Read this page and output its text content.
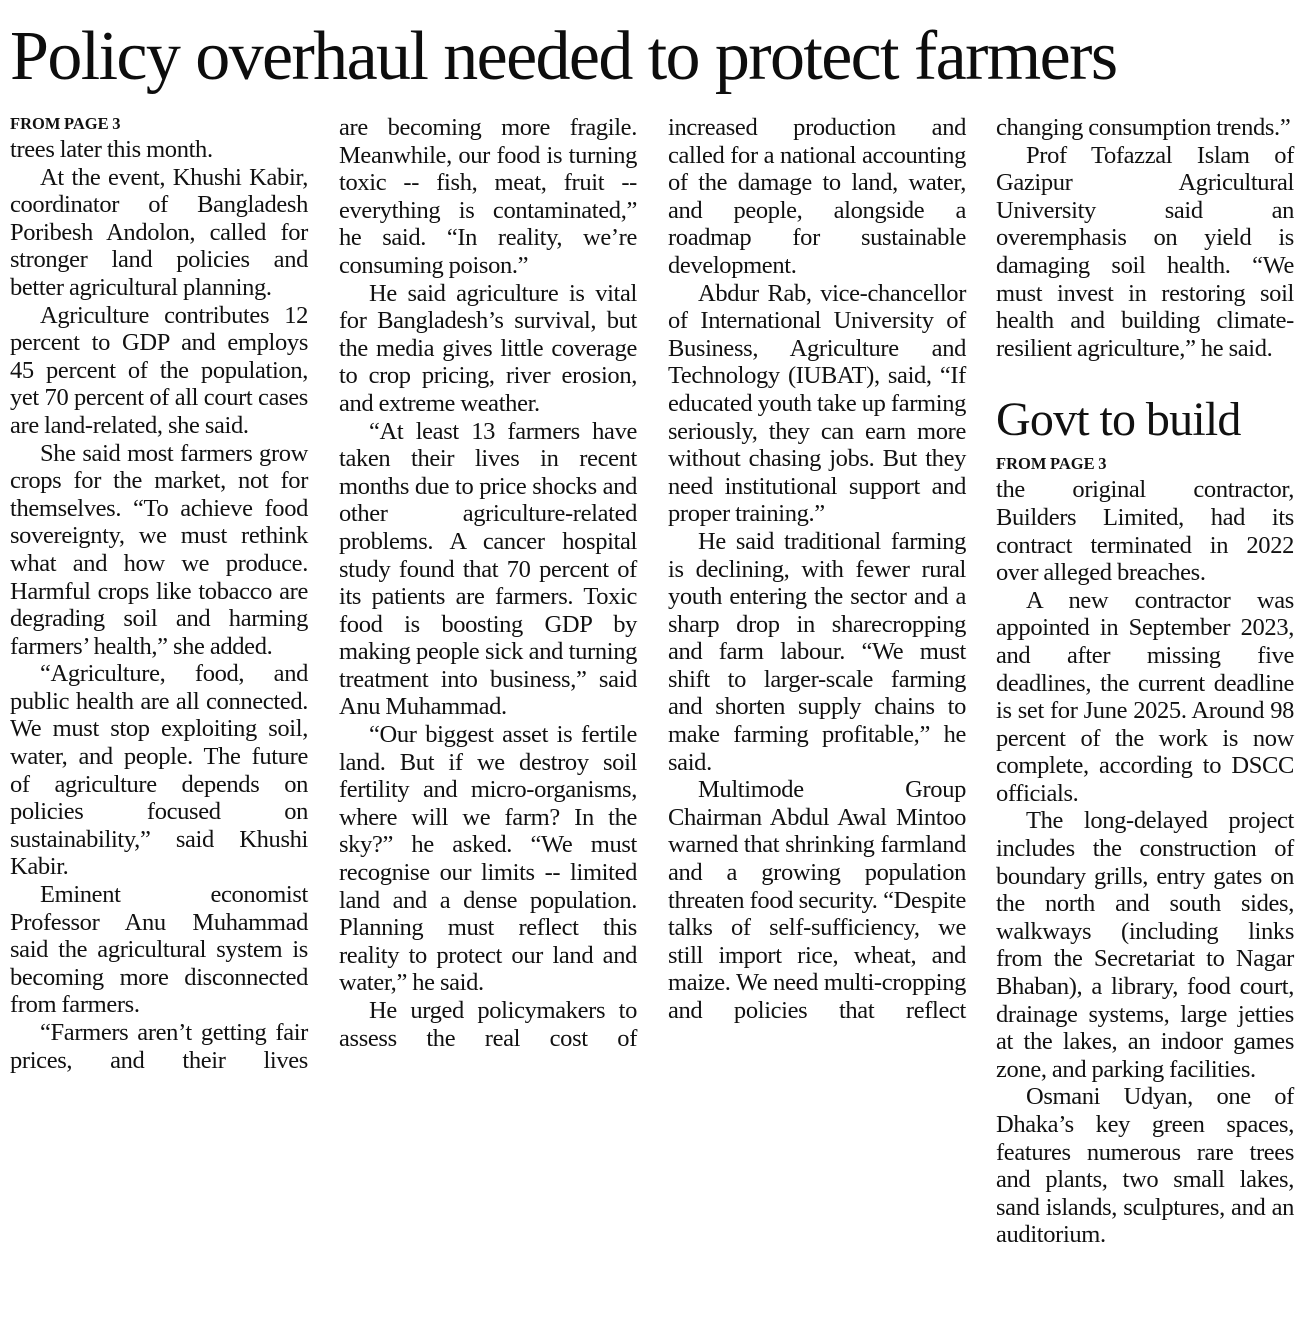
Policy overhaul needed to protect farmers
FROM PAGE 3

trees later this month.

At the event, Khushi Kabir, coordinator of Bangladesh Poribesh Andolon, called for stronger land policies and better agricultural planning.

Agriculture contributes 12 percent to GDP and employs 45 percent of the population, yet 70 percent of all court cases are land-related, she said.

She said most farmers grow crops for the market, not for themselves. “To achieve food sovereignty, we must rethink what and how we produce. Harmful crops like tobacco are degrading soil and harming farmers’ health,” she added.

“Agriculture, food, and public health are all connected. We must stop exploiting soil, water, and people. The future of agriculture depends on policies focused on sustainability,” said Khushi Kabir.

Eminent economist Professor Anu Muhammad said the agricultural system is becoming more disconnected from farmers.

“Farmers aren’t getting fair prices, and their lives

are becoming more fragile. Meanwhile, our food is turning toxic -- fish, meat, fruit -- everything is contaminated,” he said. “In reality, we’re consuming poison.”

He said agriculture is vital for Bangladesh’s survival, but the media gives little coverage to crop pricing, river erosion, and extreme weather.

“At least 13 farmers have taken their lives in recent months due to price shocks and other agriculture-related problems. A cancer hospital study found that 70 percent of its patients are farmers. Toxic food is boosting GDP by making people sick and turning treatment into business,” said Anu Muhammad.

“Our biggest asset is fertile land. But if we destroy soil fertility and micro-organisms, where will we farm? In the sky?” he asked. “We must recognise our limits -- limited land and a dense population. Planning must reflect this reality to protect our land and water,” he said.

He urged policymakers to assess the real cost of

increased production and called for a national accounting of the damage to land, water, and people, alongside a roadmap for sustainable development.

Abdur Rab, vice-chancellor of International University of Business, Agriculture and Technology (IUBAT), said, “If educated youth take up farming seriously, they can earn more without chasing jobs. But they need institutional support and proper training.”

He said traditional farming is declining, with fewer rural youth entering the sector and a sharp drop in sharecropping and farm labour. “We must shift to larger-scale farming and shorten supply chains to make farming profitable,” he said.

Multimode Group Chairman Abdul Awal Mintoo warned that shrinking farmland and a growing population threaten food security. “Despite talks of self-sufficiency, we still import rice, wheat, and maize. We need multi-cropping and policies that reflect

changing consumption trends.”

Prof Tofazzal Islam of Gazipur Agricultural University said an overemphasis on yield is damaging soil health. “We must invest in restoring soil health and building climate-resilient agriculture,” he said.

Govt to build
FROM PAGE 3

the original contractor, Builders Limited, had its contract terminated in 2022 over alleged breaches.

A new contractor was appointed in September 2023, and after missing five deadlines, the current deadline is set for June 2025. Around 98 percent of the work is now complete, according to DSCC officials.

The long-delayed project includes the construction of boundary grills, entry gates on the north and south sides, walkways (including links from the Secretariat to Nagar Bhaban), a library, food court, drainage systems, large jetties at the lakes, an indoor games zone, and parking facilities.

Osmani Udyan, one of Dhaka’s key green spaces, features numerous rare trees and plants, two small lakes, sand islands, sculptures, and an auditorium.
